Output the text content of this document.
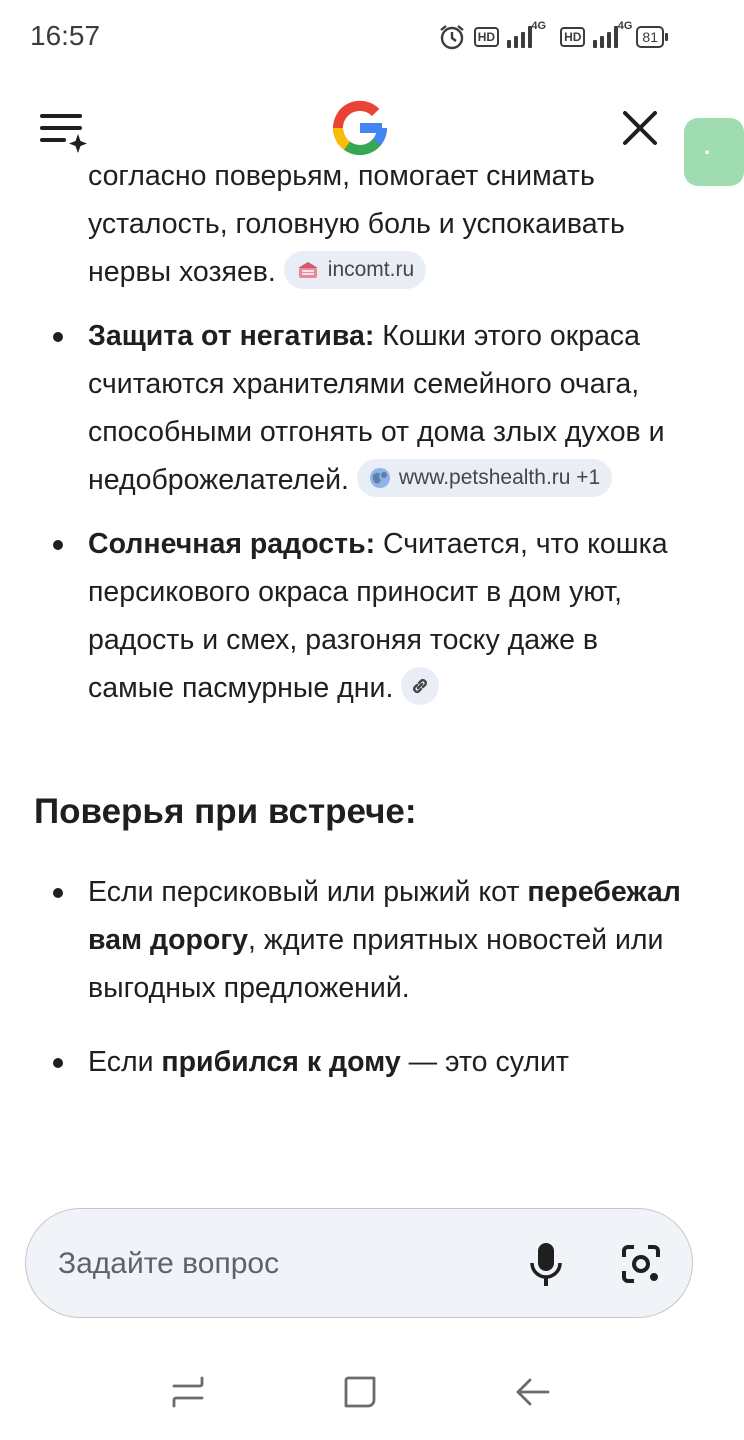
16:57	HD
4G
HD
4G
81
·
согласно поверьям, помогает снимать усталость, головную боль и успокаивать нервы хозяев. incomt.ru
Защита от негатива: Кошки этого окраса считаются хранителями семейного очага, способными отгонять от дома злых духов и недоброжелателей. www.petshealth.ru +1
Солнечная радость: Считается, что кошка персикового окраса приносит в дом уют, радость и смех, разгоняя тоску даже в самые пасмурные дни.
Поверья при встрече:
Если персиковый или рыжий кот перебежал вам дорогу, ждите приятных новостей или выгодных предложений.
Если прибился к дому — это сулит
Задайте вопрос
